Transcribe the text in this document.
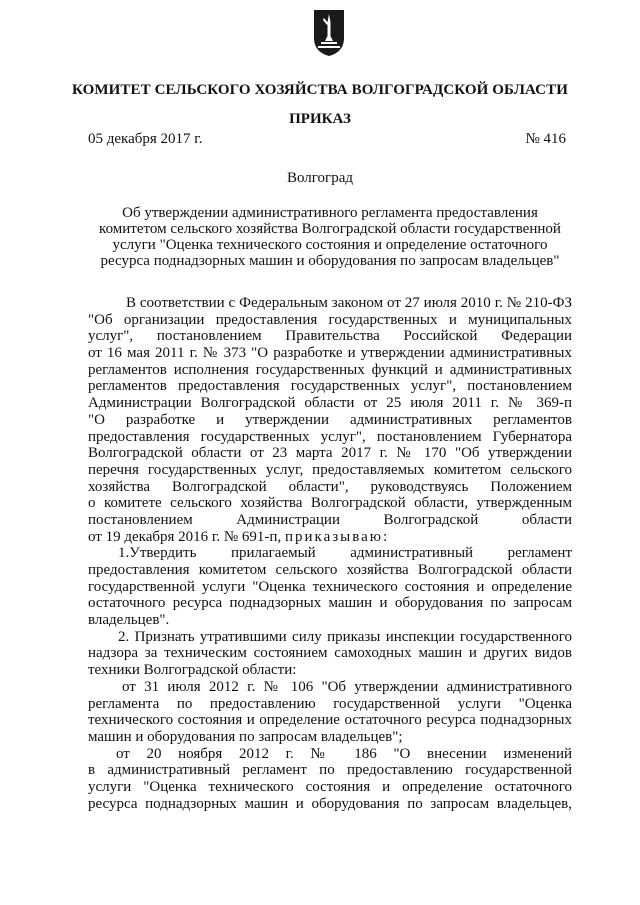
КОМИТЕТ СЕЛЬСКОГО ХОЗЯЙСТВА ВОЛГОГРАДСКОЙ ОБЛАСТИ
ПРИКАЗ
05 декабря 2017 г.	№ 416
Волгоград
Об утверждении административного регламента предоставления
комитетом сельского хозяйства Волгоградской области государственной
услуги "Оценка технического состояния и определение остаточного
ресурса поднадзорных машин и оборудования по запросам владельцев"
В соответствии с Федеральным законом от 27 июля 2010 г. № 210-ФЗ
"Об организации предоставления государственных и муниципальных
услуг", постановлением Правительства Российской Федерации
от 16 мая 2011 г. № 373 "О разработке и утверждении административных
регламентов исполнения государственных функций и административных
регламентов предоставления государственных услуг", постановлением
Администрации Волгоградской области от 25 июля 2011 г. № 369-п
"О разработке и утверждении административных регламентов
предоставления государственных услуг", постановлением Губернатора
Волгоградской области от 23 марта 2017 г. № 170 "Об утверждении
перечня государственных услуг, предоставляемых комитетом сельского
хозяйства Волгоградской области", руководствуясь Положением
о комитете сельского хозяйства Волгоградской области, утвержденным
постановлением Администрации Волгоградской области
от 19 декабря 2016 г. № 691-п, приказываю:
1.Утвердить прилагаемый административный регламент
предоставления комитетом сельского хозяйства Волгоградской области
государственной услуги "Оценка технического состояния и определение
остаточного ресурса поднадзорных машин и оборудования по запросам
владельцев".
2. Признать утратившими силу приказы инспекции государственного
надзора за техническим состоянием самоходных машин и других видов
техники Волгоградской области:
от 31 июля 2012 г. № 106 "Об утверждении административного
регламента по предоставлению государственной услуги "Оценка
технического состояния и определение остаточного ресурса поднадзорных
машин и оборудования по запросам владельцев";
от 20 ноября 2012 г. № 186 "О внесении изменений
в административный регламент по предоставлению государственной
услуги "Оценка технического состояния и определение остаточного
ресурса поднадзорных машин и оборудования по запросам владельцев,
